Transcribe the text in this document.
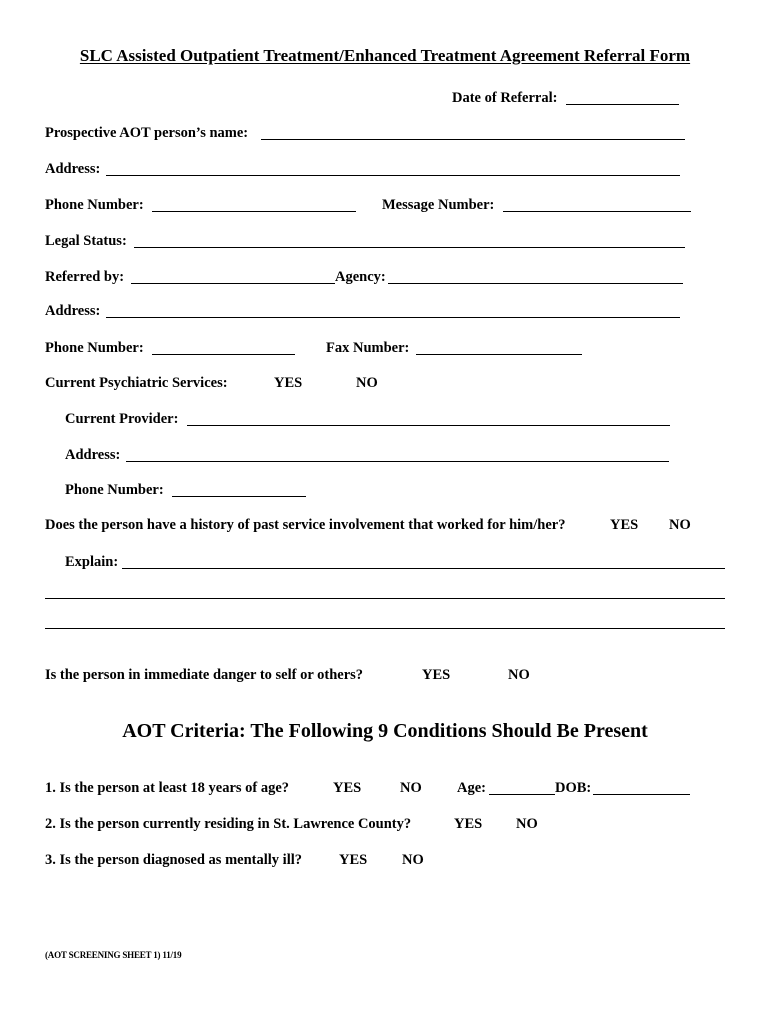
SLC Assisted Outpatient Treatment/Enhanced Treatment Agreement Referral Form
Date of Referral:
Prospective AOT person’s name:
Address:
Phone Number:	Message Number:
Legal Status:
Referred by:	Agency:
Address:
Phone Number:	Fax Number:
Current Psychiatric Services:	YES	NO
Current Provider:
Address:
Phone Number:
Does the person have a history of past service involvement that worked for him/her?	YES NO
Explain:
Is the person in immediate danger to self or others?	YES	NO
AOT Criteria: The Following 9 Conditions Should Be Present
1. Is the person at least 18 years of age?	YES	NO Age:	DOB:
2. Is the person currently residing in St. Lawrence County?	YES NO
3. Is the person diagnosed as mentally ill?	YES NO
(AOT SCREENING SHEET 1) 11/19
